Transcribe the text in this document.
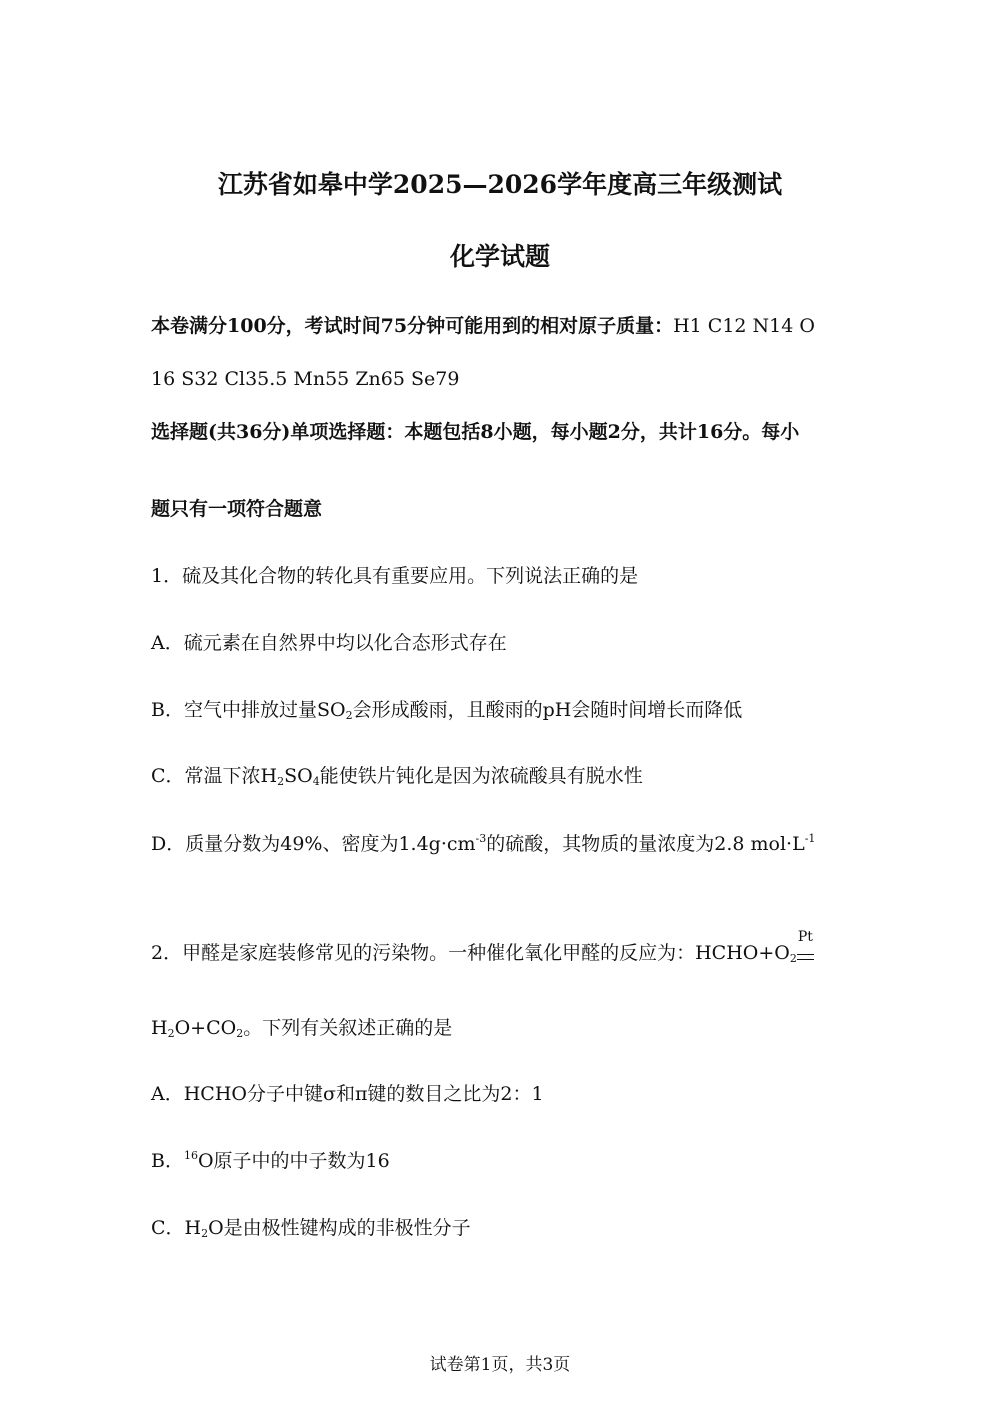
江苏省如皋中学2025—2026学年度高三年级测试
化学试题
本卷满分100分，考试时间75分钟可能用到的相对原子质量：H1 C12 N14 O
16 S32 Cl35.5 Mn55 Zn65 Se79
选择题(共36分)单项选择题：本题包括8小题，每小题2分，共计16分。每小
题只有一项符合题意
1．硫及其化合物的转化具有重要应用。下列说法正确的是
A．硫元素在自然界中均以化合态形式存在
B．空气中排放过量$SO_2$会形成酸雨，且酸雨的pH会随时间增长而降低
C．常温下浓$H_2SO_4$能使铁片钝化是因为浓硫酸具有脱水性
D．质量分数为49%、密度为$1.4g\cdot cm^{-3}$的硫酸，其物质的量浓度为2.8 $mol\cdot L^{-1}$
2．甲醛是家庭装修常见的污染物。一种催化氧化甲醛的反应为：$HCHO+O_2$
Pt
$H_2O+CO_2$。下列有关叙述正确的是
A．HCHO分子中键σ和π键的数目之比为2：1
B．$^{16}$O原子中的中子数为16
C．$H_2O$是由极性键构成的非极性分子
试卷第1页，共3页
